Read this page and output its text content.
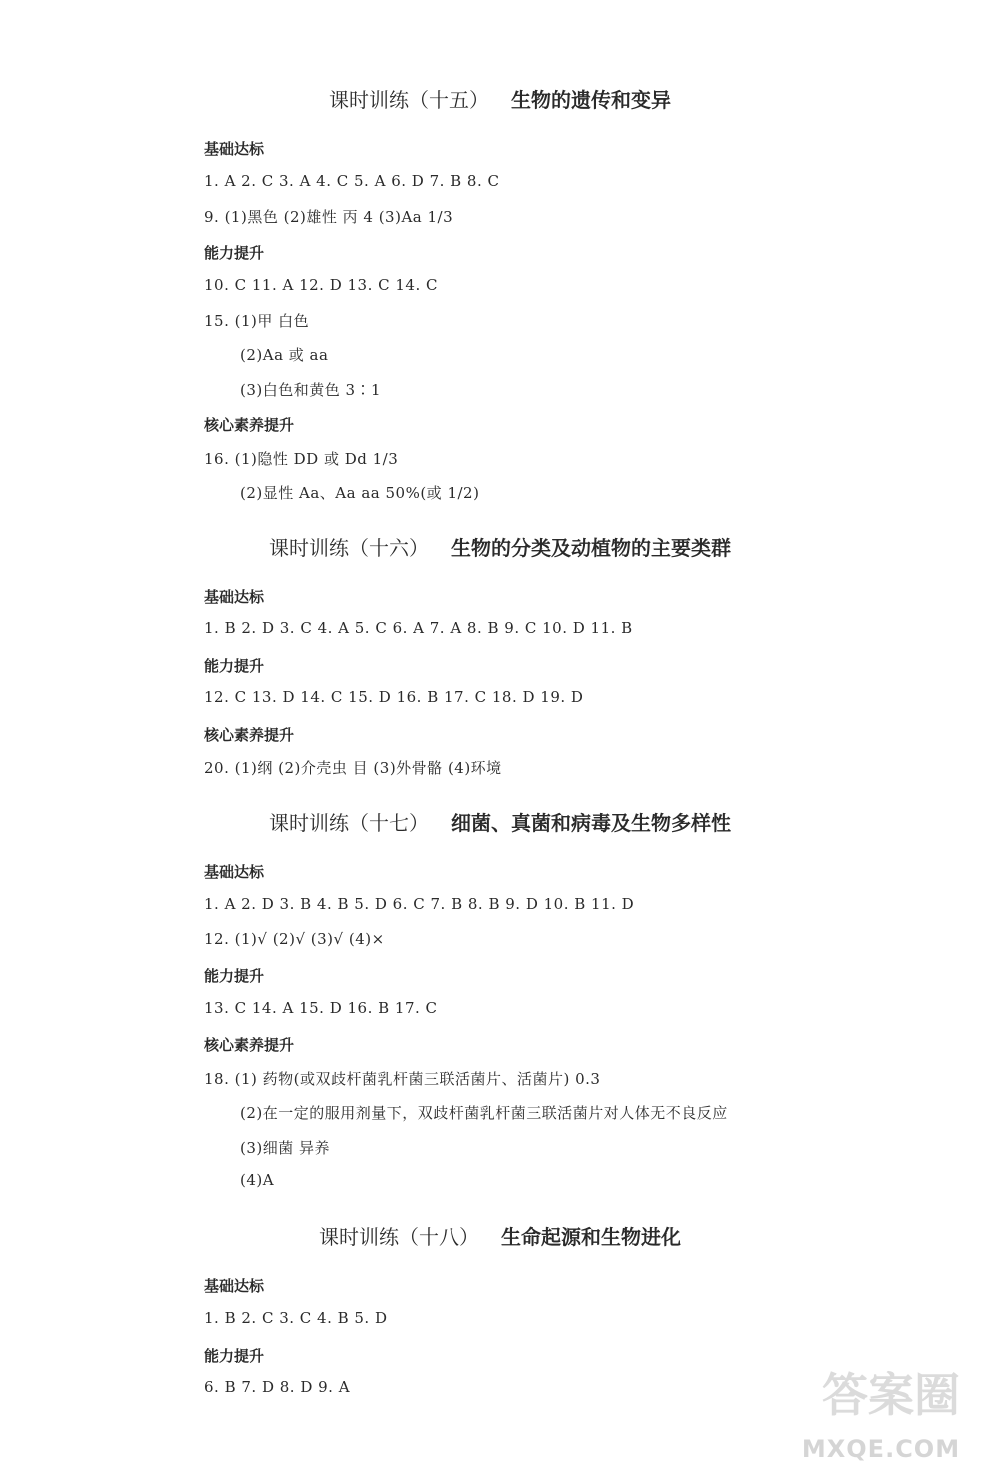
课时训练（十五） 生物的遗传和变异
基础达标
1. A 2. C 3. A 4. C 5. A 6. D 7. B 8. C
9. (1)黑色 (2)雄性 丙 4 (3)Aa 1/3
能力提升
10. C 11. A 12. D 13. C 14. C
15. (1)甲 白色
(2)Aa 或 aa
(3)白色和黄色 3∶1
核心素养提升
16. (1)隐性 DD 或 Dd 1/3
(2)显性 Aa、Aa aa 50%(或 1/2)
课时训练（十六） 生物的分类及动植物的主要类群
基础达标
1. B 2. D 3. C 4. A 5. C 6. A 7. A 8. B 9. C 10. D 11. B
能力提升
12. C 13. D 14. C 15. D 16. B 17. C 18. D 19. D
核心素养提升
20. (1)纲 (2)介壳虫 目 (3)外骨骼 (4)环境
课时训练（十七） 细菌、真菌和病毒及生物多样性
基础达标
1. A 2. D 3. B 4. B 5. D 6. C 7. B 8. B 9. D 10. B 11. D
12. (1)√ (2)√ (3)√ (4)×
能力提升
13. C 14. A 15. D 16. B 17. C
核心素养提升
18. (1) 药物(或双歧杆菌乳杆菌三联活菌片、活菌片) 0.3
(2)在一定的服用剂量下，双歧杆菌乳杆菌三联活菌片对人体无不良反应
(3)细菌 异养
(4)A
课时训练（十八） 生命起源和生物进化
基础达标
1. B 2. C 3. C 4. B 5. D
能力提升
6. B 7. D 8. D 9. A	答案圈
MXQE.COM
